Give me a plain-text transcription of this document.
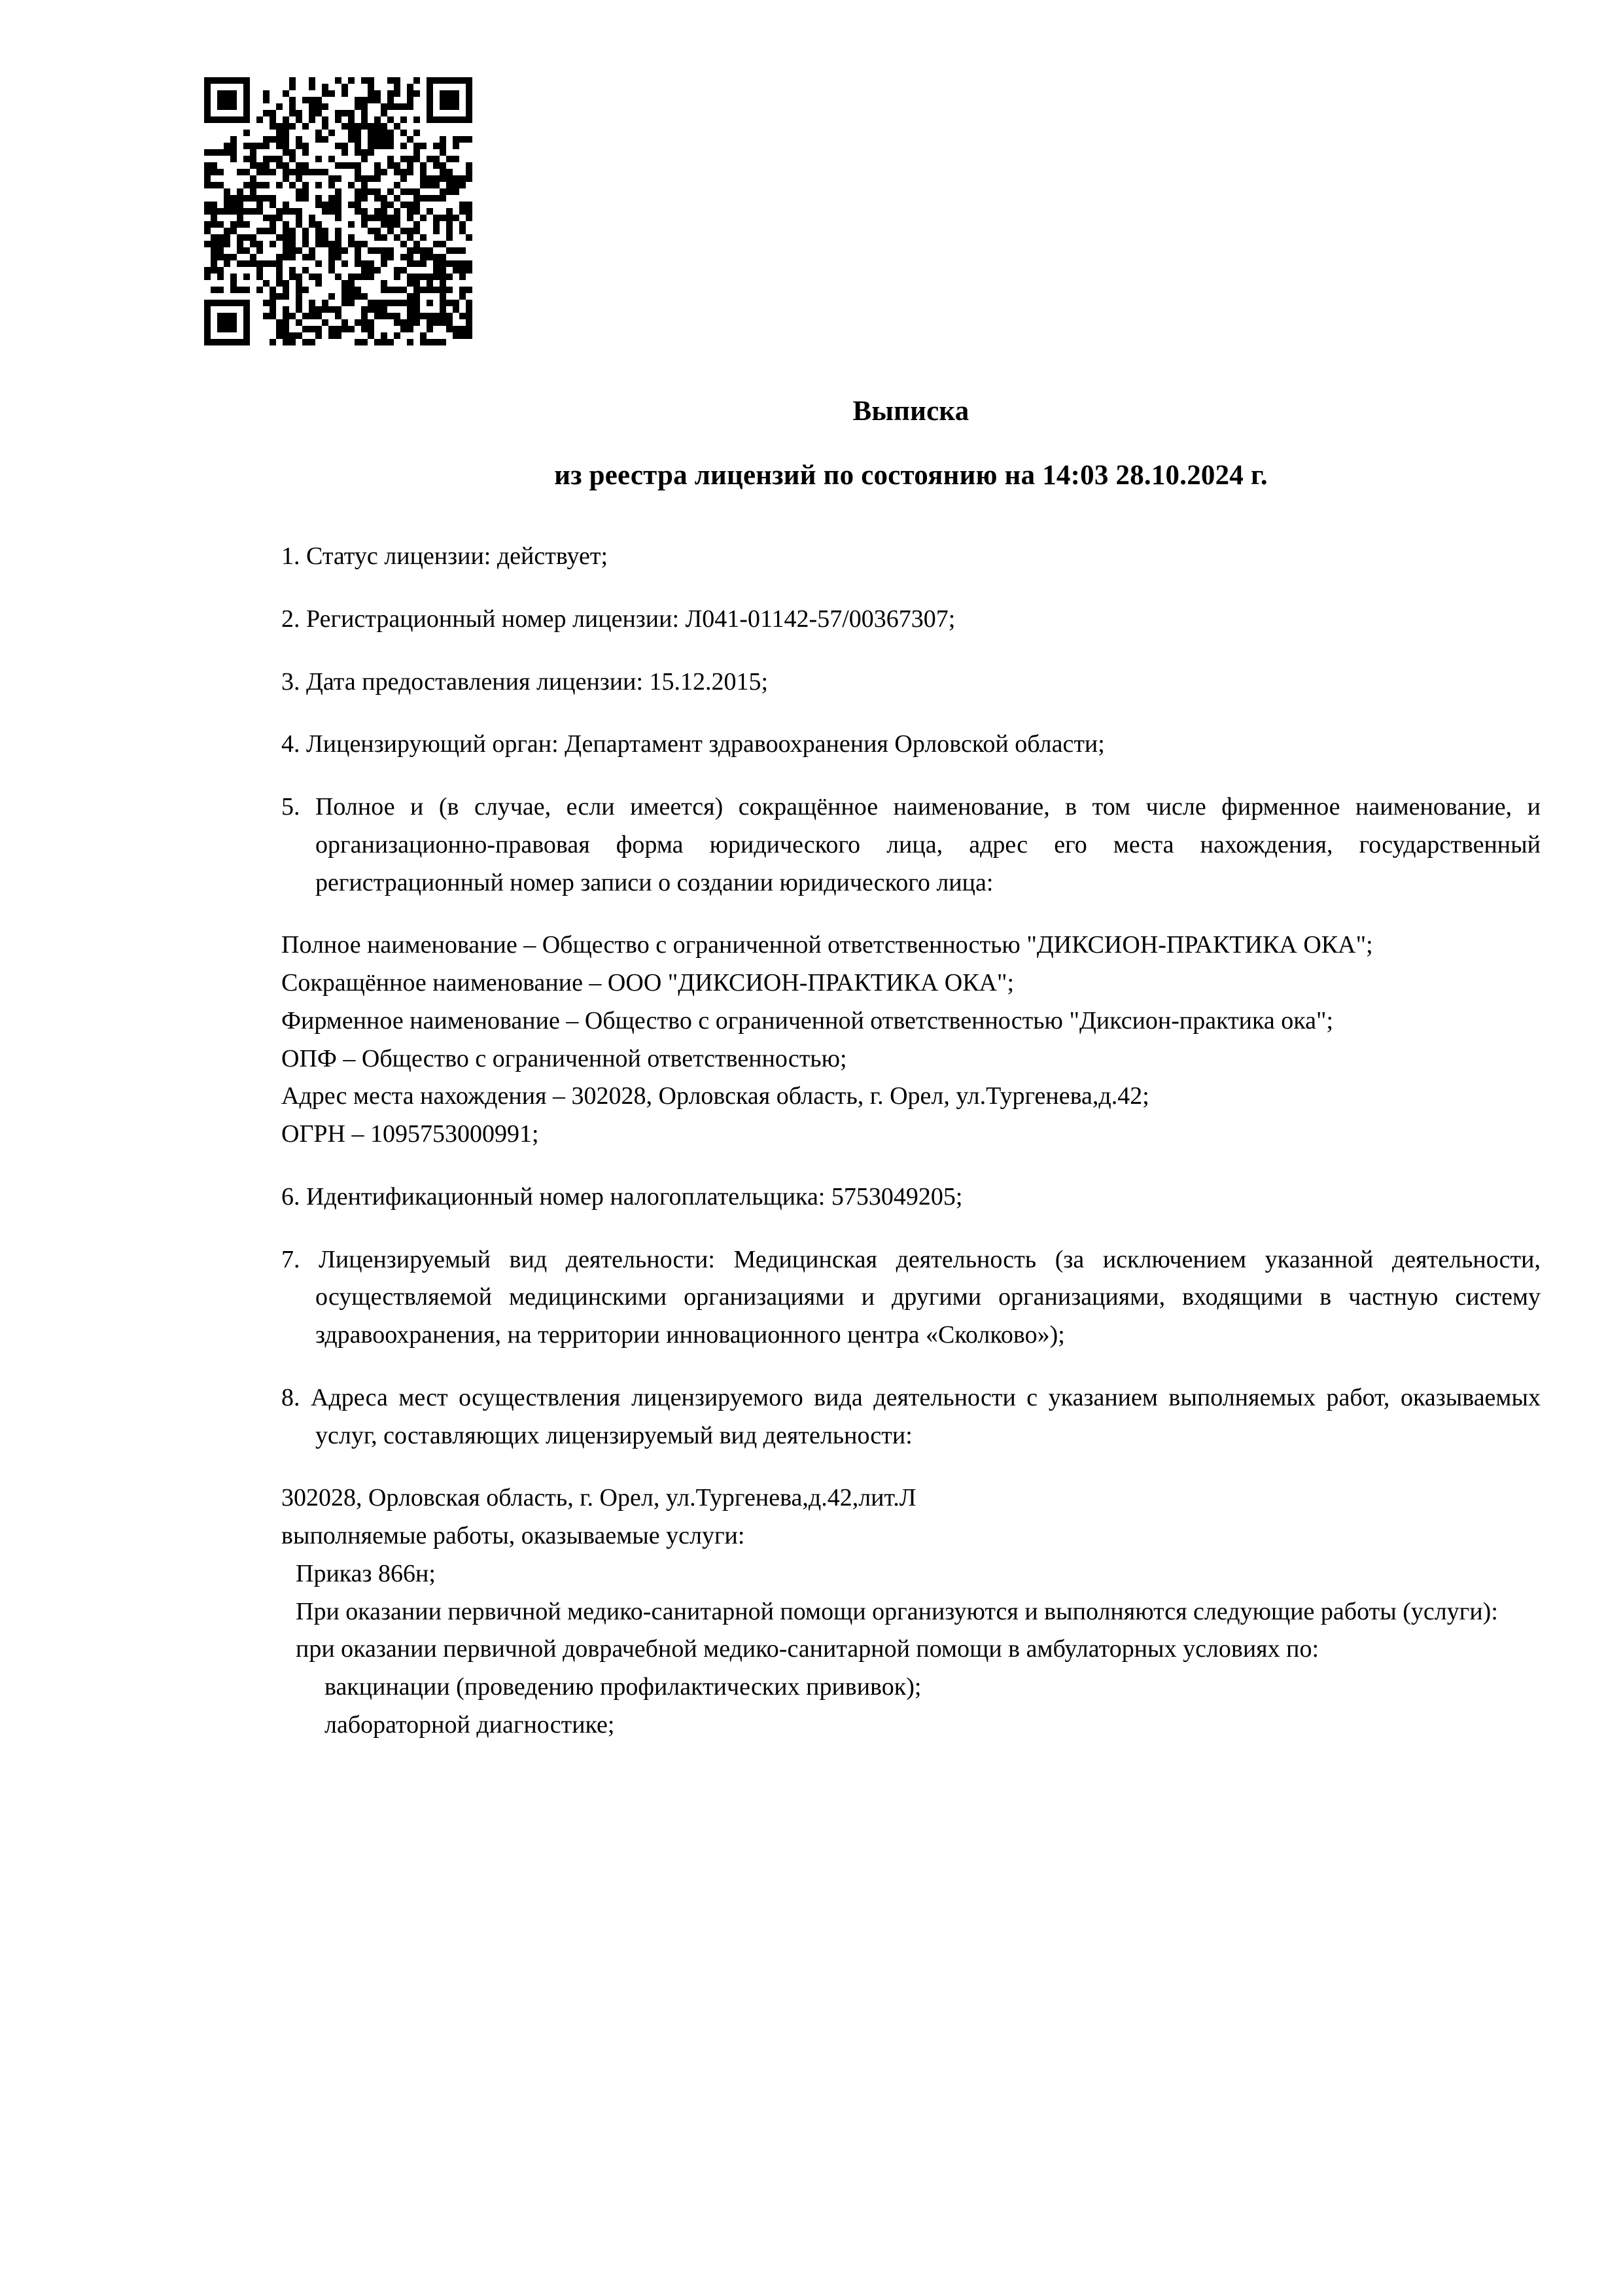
Выписка
из реестра лицензий по состоянию на 14:03 28.10.2024 г.
1. Статус лицензии: действует;
2. Регистрационный номер лицензии: Л041-01142-57/00367307;
3. Дата предоставления лицензии: 15.12.2015;
4. Лицензирующий орган: Департамент здравоохранения Орловской области;
5. Полное и (в случае, если имеется) сокращённое наименование, в том числе фирменное наименование, и организационно-правовая форма юридического лица, адрес его места нахождения, государственный регистрационный номер записи о создании юридического лица:
Полное наименование – Общество с ограниченной ответственностью "ДИКСИОН-ПРАКТИКА ОКА";
Сокращённое наименование – ООО "ДИКСИОН-ПРАКТИКА ОКА";
Фирменное наименование – Общество с ограниченной ответственностью "Диксион-практика ока";
ОПФ – Общество с ограниченной ответственностью;
Адрес места нахождения – 302028, Орловская область, г. Орел, ул.Тургенева,д.42;
ОГРН – 1095753000991;
6. Идентификационный номер налогоплательщика: 5753049205;
7. Лицензируемый вид деятельности: Медицинская деятельность (за исключением указанной деятельности, осуществляемой медицинскими организациями и другими организациями, входящими в частную систему здравоохранения, на территории инновационного центра «Сколково»);
8. Адреса мест осуществления лицензируемого вида деятельности с указанием выполняемых работ, оказываемых услуг, составляющих лицензируемый вид деятельности:
302028, Орловская область, г. Орел, ул.Тургенева,д.42,лит.Л
выполняемые работы, оказываемые услуги:
Приказ 866н;
При оказании первичной медико-санитарной помощи организуются и выполняются следующие работы (услуги):
при оказании первичной доврачебной медико-санитарной помощи в амбулаторных условиях по:
вакцинации (проведению профилактических прививок);
лабораторной диагностике;
